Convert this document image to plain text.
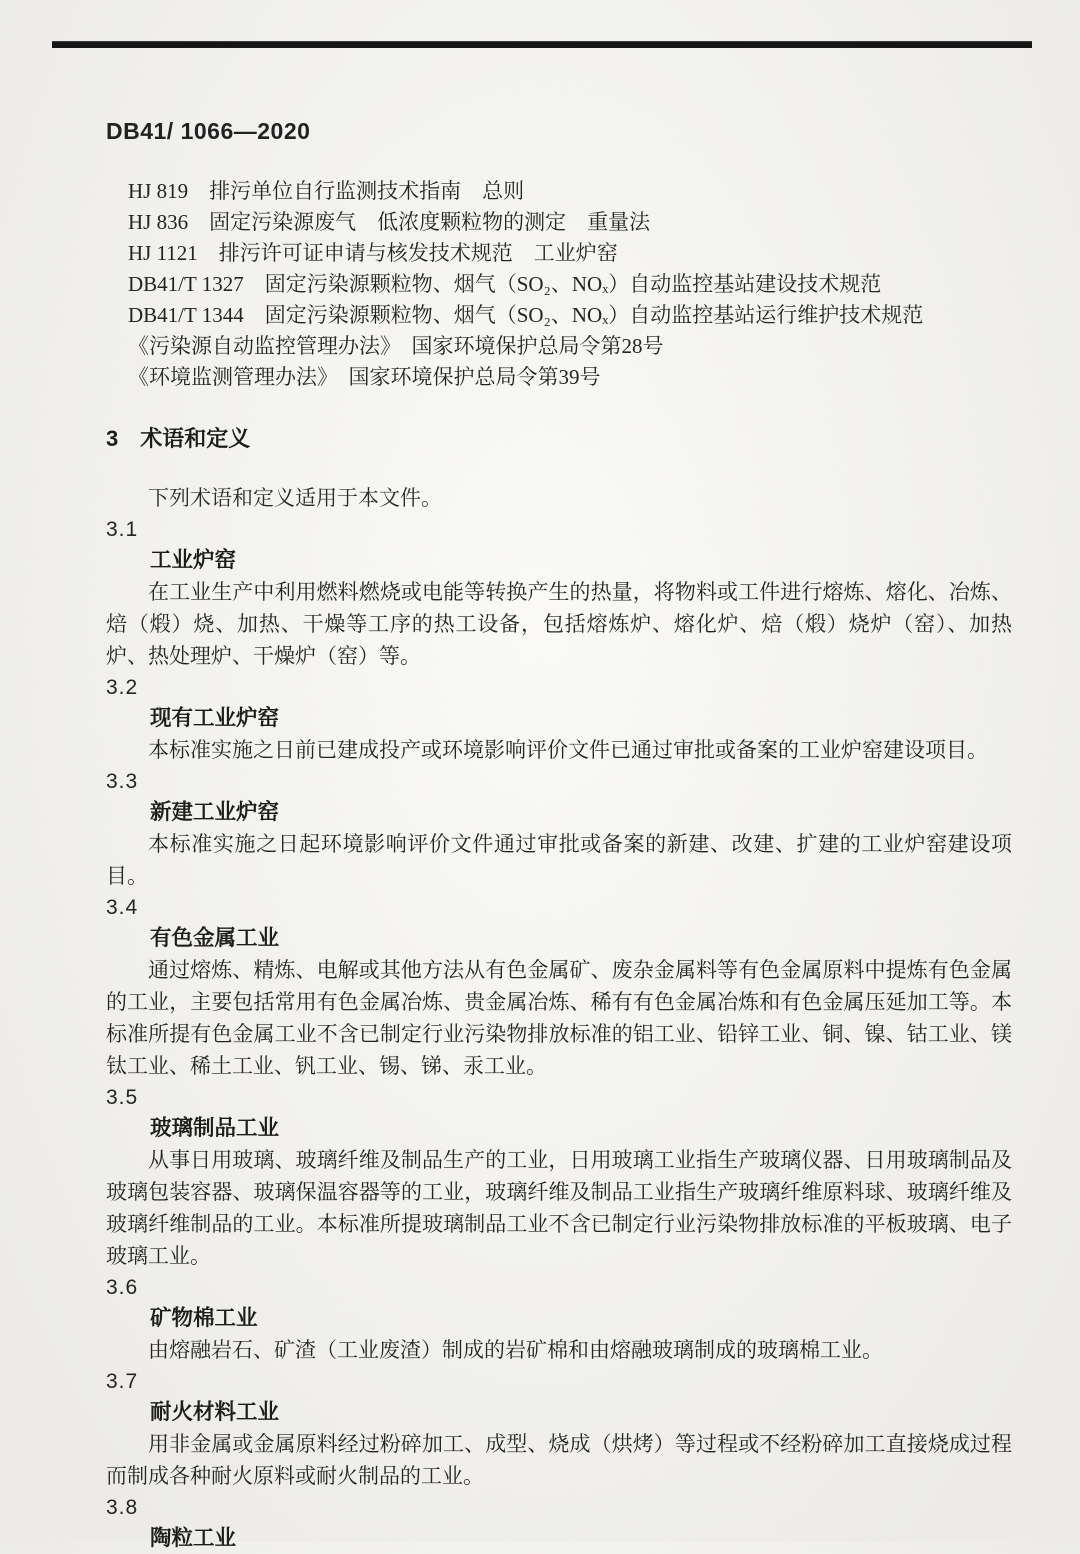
DB41/ 1066—2020
HJ 819　排污单位自行监测技术指南　总则
HJ 836　固定污染源废气　低浓度颗粒物的测定　重量法
HJ 1121　排污许可证申请与核发技术规范　工业炉窑
DB41/T 1327　固定污染源颗粒物、烟气（SO₂、NOₓ）自动监控基站建设技术规范
DB41/T 1344　固定污染源颗粒物、烟气（SO₂、NOₓ）自动监控基站运行维护技术规范
《污染源自动监控管理办法》　国家环境保护总局令第28号
《环境监测管理办法》　国家环境保护总局令第39号
3 术语和定义

下列术语和定义适用于本文件。

3.1
工业炉窑

在工业生产中利用燃料燃烧或电能等转换产生的热量，将物料或工件进行熔炼、熔化、冶炼、焙（煅）烧、加热、干燥等工序的热工设备，包括熔炼炉、熔化炉、焙（煅）烧炉（窑）、加热炉、热处理炉、干燥炉（窑）等。

3.2
现有工业炉窑

本标准实施之日前已建成投产或环境影响评价文件已通过审批或备案的工业炉窑建设项目。

3.3
新建工业炉窑

本标准实施之日起环境影响评价文件通过审批或备案的新建、改建、扩建的工业炉窑建设项目。

3.4
有色金属工业

通过熔炼、精炼、电解或其他方法从有色金属矿、废杂金属料等有色金属原料中提炼有色金属的工业，主要包括常用有色金属冶炼、贵金属冶炼、稀有有色金属冶炼和有色金属压延加工等。本标准所提有色金属工业不含已制定行业污染物排放标准的铝工业、铅锌工业、铜、镍、钴工业、镁钛工业、稀土工业、钒工业、锡、锑、汞工业。

3.5
玻璃制品工业

从事日用玻璃、玻璃纤维及制品生产的工业，日用玻璃工业指生产玻璃仪器、日用玻璃制品及玻璃包装容器、玻璃保温容器等的工业，玻璃纤维及制品工业指生产玻璃纤维原料球、玻璃纤维及玻璃纤维制品的工业。本标准所提玻璃制品工业不含已制定行业污染物排放标准的平板玻璃、电子玻璃工业。

3.6
矿物棉工业

由熔融岩石、矿渣（工业废渣）制成的岩矿棉和由熔融玻璃制成的玻璃棉工业。

3.7
耐火材料工业

用非金属或金属原料经过粉碎加工、成型、烧成（烘烤）等过程或不经粉碎加工直接烧成过程而制成各种耐火原料或耐火制品的工业。

3.8
陶粒工业
